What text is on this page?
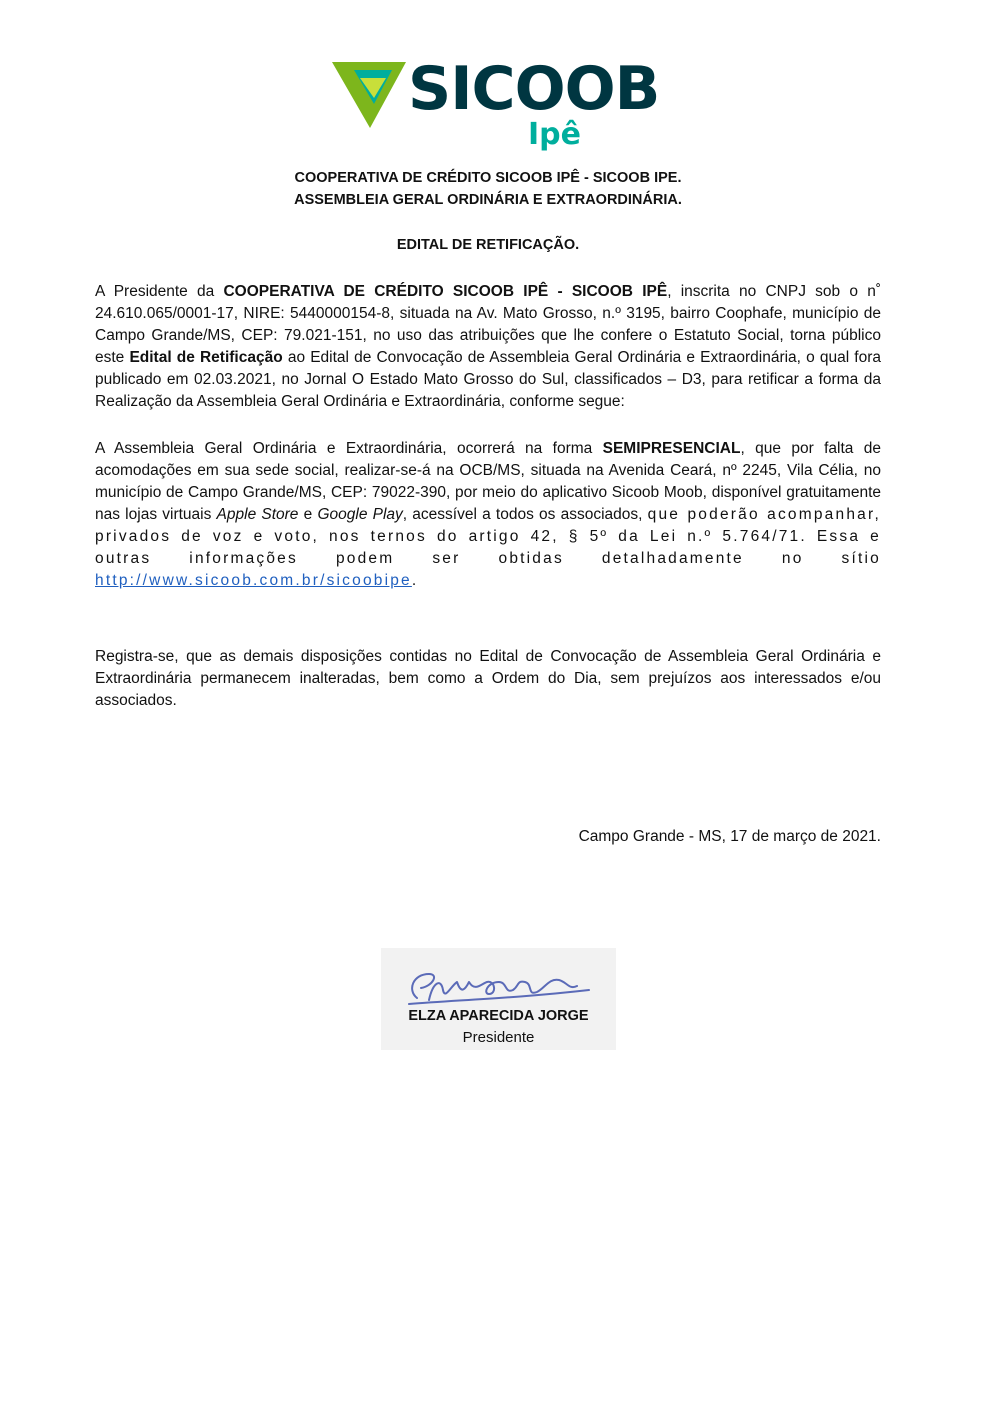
SICOOB
Ipê
COOPERATIVA DE CRÉDITO SICOOB IPÊ - SICOOB IPE.
ASSEMBLEIA GERAL ORDINÁRIA E EXTRAORDINÁRIA.
EDITAL DE RETIFICAÇÃO.

A Presidente da COOPERATIVA DE CRÉDITO SICOOB IPÊ - SICOOB IPÊ, inscrita no CNPJ sob o n˚ 24.610.065/0001-17, NIRE: 5440000154-8, situada na Av. Mato Grosso, n.º 3195, bairro Coophafe, município de Campo Grande/MS, CEP: 79.021-151, no uso das atribuições que lhe confere o Estatuto Social, torna público este Edital de Retificação ao Edital de Convocação de Assembleia Geral Ordinária e Extraordinária, o qual fora publicado em 02.03.2021, no Jornal O Estado Mato Grosso do Sul, classificados – D3, para retificar a forma da Realização da Assembleia Geral Ordinária e Extraordinária, conforme segue:

A Assembleia Geral Ordinária e Extraordinária, ocorrerá na forma SEMIPRESENCIAL, que por falta de acomodações em sua sede social, realizar-se-á na OCB/MS, situada na Avenida Ceará, nº 2245, Vila Célia, no município de Campo Grande/MS, CEP: 79022-390, por meio do aplicativo Sicoob Moob, disponível gratuitamente nas lojas virtuais Apple Store e Google Play, acessível a todos os associados, que poderão acompanhar, privados de voz e voto, nos ternos do artigo 42, § 5º da Lei n.º 5.764/71. Essa e outras informações podem ser obtidas detalhadamente no sítio http://www.sicoob.com.br/sicoobipe.

Registra-se, que as demais disposições contidas no Edital de Convocação de Assembleia Geral Ordinária e Extraordinária permanecem inalteradas, bem como a Ordem do Dia, sem prejuízos aos interessados e/ou associados.

Campo Grande - MS, 17 de março de 2021.
ELZA APARECIDA JORGE
Presidente
